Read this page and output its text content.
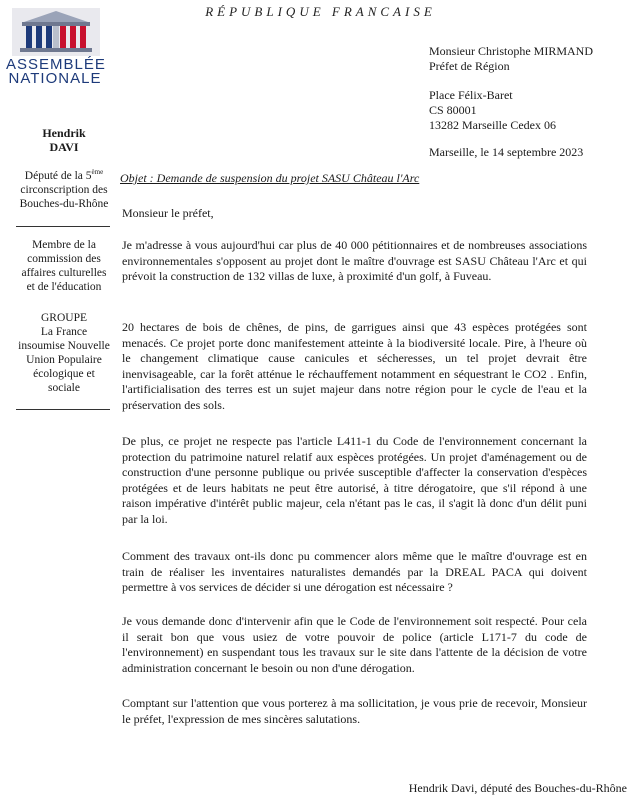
RÉPUBLIQUE FRANCAISE
ASSEMBLÉE
NATIONALE
Hendrik
DAVI
Député de la 5ème
circonscription des
Bouches-du-Rhône
Membre de la
commission des
affaires culturelles
et de l'éducation
GROUPE
La France
insoumise Nouvelle
Union Populaire
écologique et
sociale
Monsieur Christophe MIRMAND
Préfet de Région
Place Félix-Baret
CS 80001
13282 Marseille Cedex 06
Marseille, le 14 septembre 2023
Objet : Demande de suspension du projet SASU Château l'Arc
Monsieur le préfet,

Je m'adresse à vous aujourd'hui car plus de 40 000 pétitionnaires et de nombreuses associations environnementales s'opposent au projet dont le maître d'ouvrage est SASU Château l'Arc et qui prévoit la construction de 132 villas de luxe, à proximité d'un golf, à Fuveau.

20 hectares de bois de chênes, de pins, de garrigues ainsi que 43 espèces protégées sont menacés. Ce projet porte donc manifestement atteinte à la biodiversité locale. Pire, à l'heure où le changement climatique cause canicules et sécheresses, un tel projet devrait être inenvisageable, car la forêt atténue le réchauffement notamment en séquestrant le CO2 . Enfin, l'artificialisation des terres est un sujet majeur dans notre région pour le cycle de l'eau et la préservation des sols.

De plus, ce projet ne respecte pas l'article L411-1 du Code de l'environnement concernant la protection du patrimoine naturel relatif aux espèces protégées. Un projet d'aménagement ou de construction d'une personne publique ou privée susceptible d'affecter la conservation d'espèces protégées et de leurs habitats ne peut être autorisé, à titre dérogatoire, que s'il répond à une raison impérative d'intérêt public majeur, cela n'étant pas le cas, il s'agit là donc d'un délit puni par la loi.

Comment des travaux ont-ils donc pu commencer alors même que le maître d'ouvrage est en train de réaliser les inventaires naturalistes demandés par la DREAL PACA qui doivent permettre à vos services de décider si une dérogation est nécessaire ?

Je vous demande donc d'intervenir afin que le Code de l'environnement soit respecté. Pour cela il serait bon que vous usiez de votre pouvoir de police (article L171-7 du code de l'environnement) en suspendant tous les travaux sur le site dans l'attente de la décision de votre administration concernant le besoin ou non d'une dérogation.

Comptant sur l'attention que vous porterez à ma sollicitation, je vous prie de recevoir, Monsieur le préfet, l'expression de mes sincères salutations.

Hendrik Davi, député des Bouches-du-Rhône
